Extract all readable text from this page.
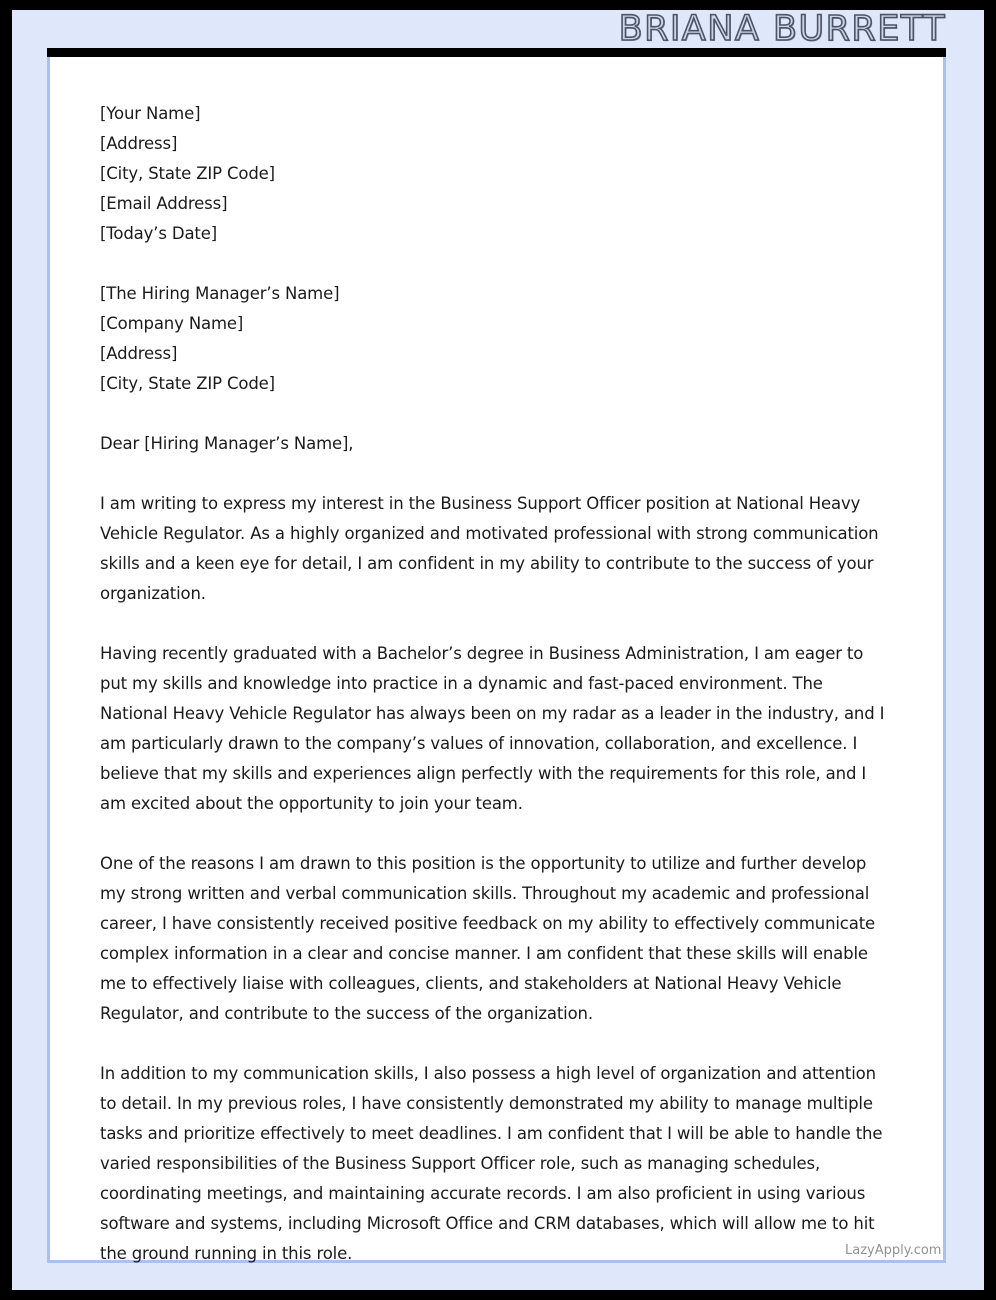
BRIANA BURRETT
[Your Name]
[Address]
[City, State ZIP Code]
[Email Address]
[Today’s Date]
[The Hiring Manager’s Name]
[Company Name]
[Address]
[City, State ZIP Code]
Dear [Hiring Manager’s Name],

I am writing to express my interest in the Business Support Officer position at National Heavy Vehicle Regulator. As a highly organized and motivated professional with strong communication skills and a keen eye for detail, I am confident in my ability to contribute to the success of your organization.

Having recently graduated with a Bachelor’s degree in Business Administration, I am eager to put my skills and knowledge into practice in a dynamic and fast-paced environment. The National Heavy Vehicle Regulator has always been on my radar as a leader in the industry, and I am particularly drawn to the company’s values of innovation, collaboration, and excellence. I believe that my skills and experiences align perfectly with the requirements for this role, and I am excited about the opportunity to join your team.

One of the reasons I am drawn to this position is the opportunity to utilize and further develop my strong written and verbal communication skills. Throughout my academic and professional career, I have consistently received positive feedback on my ability to effectively communicate complex information in a clear and concise manner. I am confident that these skills will enable me to effectively liaise with colleagues, clients, and stakeholders at National Heavy Vehicle Regulator, and contribute to the success of the organization.

In addition to my communication skills, I also possess a high level of organization and attention to detail. In my previous roles, I have consistently demonstrated my ability to manage multiple tasks and prioritize effectively to meet deadlines. I am confident that I will be able to handle the varied responsibilities of the Business Support Officer role, such as managing schedules, coordinating meetings, and maintaining accurate records. I am also proficient in using various software and systems, including Microsoft Office and CRM databases, which will allow me to hit the ground running in this role.	LazyApply.com
